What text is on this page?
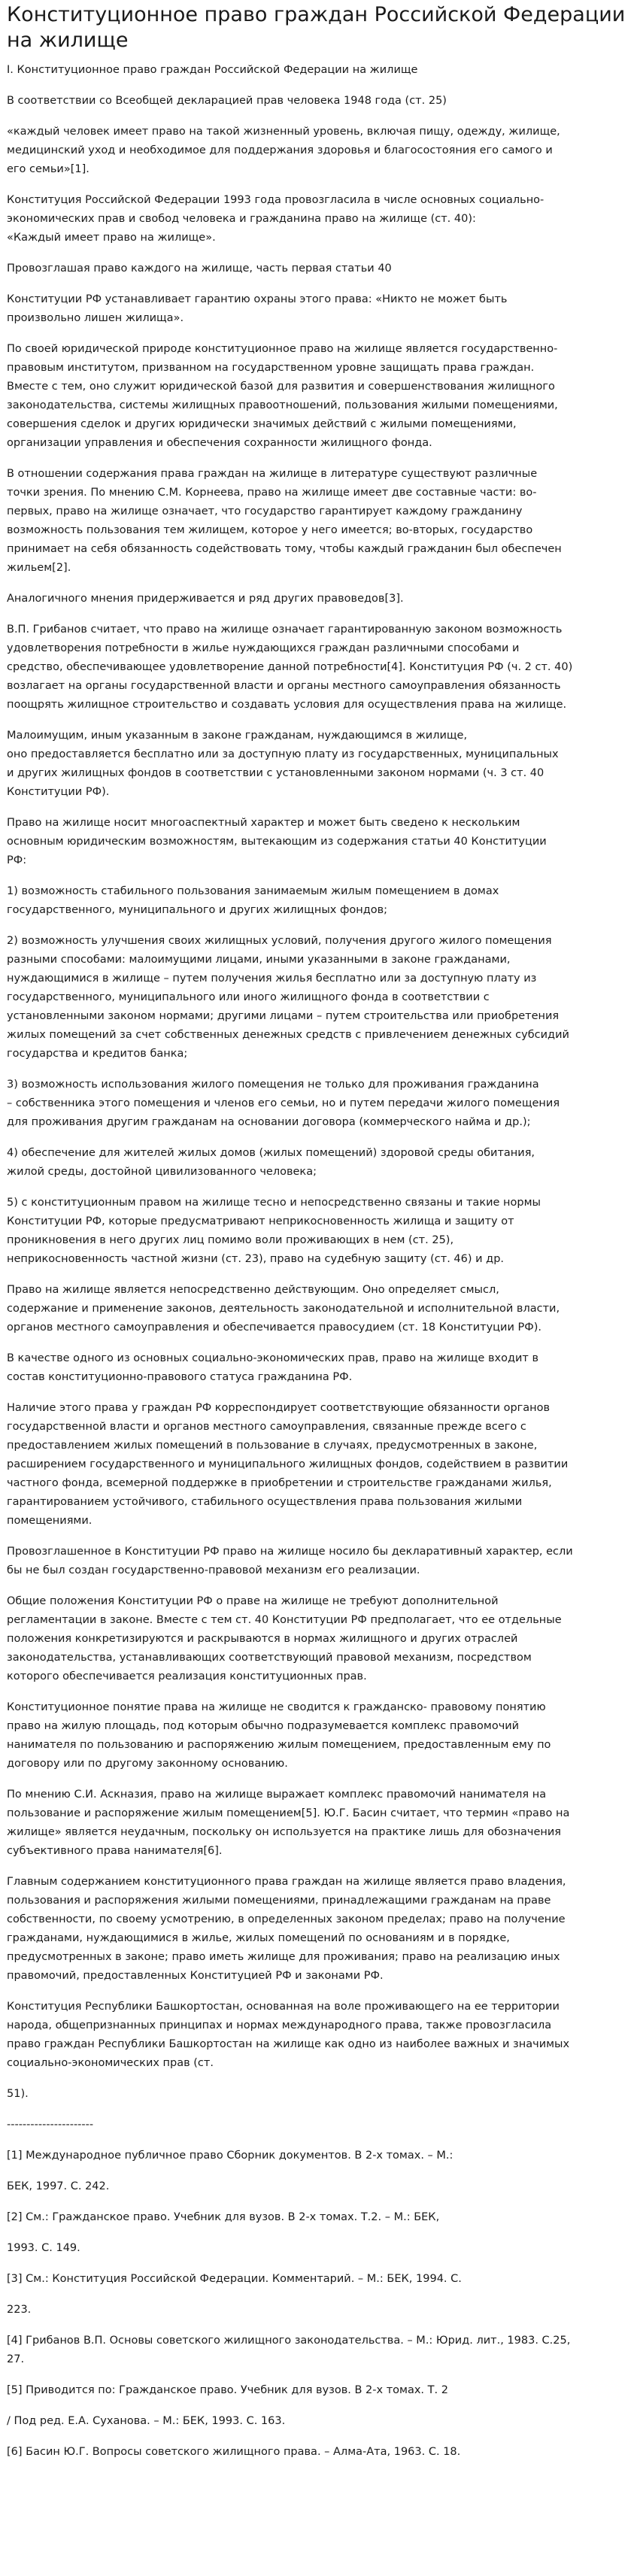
Конституционное право граждан Российской Федерации на жилище

I. Конституционное право граждан Российской Федерации на жилище

В соответствии со Всеобщей декларацией прав человека 1948 года (ст. 25)

«каждый человек имеет право на такой жизненный уровень, включая пищу, одежду, жилище,
медицинский уход и необходимое для поддержания здоровья и благосостояния его самого и
его семьи»[1].

Конституция Российской Федерации 1993 года провозгласила в числе основных социально-
экономических прав и свобод человека и гражданина право на жилище (ст. 40):
«Каждый имеет право на жилище».

Провозглашая право каждого на жилище, часть первая статьи 40

Конституции РФ устанавливает гарантию охраны этого права: «Никто не может быть
произвольно лишен жилища».

По своей юридической природе конституционное право на жилище является государственно-
правовым институтом, призванном на государственном уровне защищать права граждан.
Вместе с тем, оно служит юридической базой для развития и совершенствования жилищного
законодательства, системы жилищных правоотношений, пользования жилыми помещениями,
совершения сделок и других юридически значимых действий с жилыми помещениями,
организации управления и обеспечения сохранности жилищного фонда.

В отношении содержания права граждан на жилище в литературе существуют различные
точки зрения. По мнению С.М. Корнеева, право на жилище имеет две составные части: во-
первых, право на жилище означает, что государство гарантирует каждому гражданину
возможность пользования тем жилищем, которое у него имеется; во-вторых, государство
принимает на себя обязанность содействовать тому, чтобы каждый гражданин был обеспечен
жильем[2].

Аналогичного мнения придерживается и ряд других правоведов[3].

В.П. Грибанов считает, что право на жилище означает гарантированную законом возможность
удовлетворения потребности в жилье нуждающихся граждан различными способами и
средство, обеспечивающее удовлетворение данной потребности[4]. Конституция РФ (ч. 2 ст. 40)
возлагает на органы государственной власти и органы местного самоуправления обязанность
поощрять жилищное строительство и создавать условия для осуществления права на жилище.

Малоимущим, иным указанным в законе гражданам, нуждающимся в жилище,
оно предоставляется бесплатно или за доступную плату из государственных, муниципальных
и других жилищных фондов в соответствии с установленными законом нормами (ч. 3 ст. 40
Конституции РФ).

Право на жилище носит многоаспектный характер и может быть сведено к нескольким
основным юридическим возможностям, вытекающим из содержания статьи 40 Конституции
РФ:

1) возможность стабильного пользования занимаемым жилым помещением в домах
государственного, муниципального и других жилищных фондов;

2) возможность улучшения своих жилищных условий, получения другого жилого помещения
разными способами: малоимущими лицами, иными указанными в законе гражданами,
нуждающимися в жилище – путем получения жилья бесплатно или за доступную плату из
государственного, муниципального или иного жилищного фонда в соответствии с
установленными законом нормами; другими лицами – путем строительства или приобретения
жилых помещений за счет собственных денежных средств с привлечением денежных субсидий
государства и кредитов банка;

3) возможность использования жилого помещения не только для проживания гражданина
– собственника этого помещения и членов его семьи, но и путем передачи жилого помещения
для проживания другим гражданам на основании договора (коммерческого найма и др.);

4) обеспечение для жителей жилых домов (жилых помещений) здоровой среды обитания,
жилой среды, достойной цивилизованного человека;

5) с конституционным правом на жилище тесно и непосредственно связаны и такие нормы
Конституции РФ, которые предусматривают неприкосновенность жилища и защиту от
проникновения в него других лиц помимо воли проживающих в нем (ст. 25),
неприкосновенность частной жизни (ст. 23), право на судебную защиту (ст. 46) и др.

Право на жилище является непосредственно действующим. Оно определяет смысл,
содержание и применение законов, деятельность законодательной и исполнительной власти,
органов местного самоуправления и обеспечивается правосудием (ст. 18 Конституции РФ).

В качестве одного из основных социально-экономических прав, право на жилище входит в
состав конституционно-правового статуса гражданина РФ.

Наличие этого права у граждан РФ корреспондирует соответствующие обязанности органов
государственной власти и органов местного самоуправления, связанные прежде всего с
предоставлением жилых помещений в пользование в случаях, предусмотренных в законе,
расширением государственного и муниципального жилищных фондов, содействием в развитии
частного фонда, всемерной поддержке в приобретении и строительстве гражданами жилья,
гарантированием устойчивого, стабильного осуществления права пользования жилыми
помещениями.

Провозглашенное в Конституции РФ право на жилище носило бы декларативный характер, если
бы не был создан государственно-правовой механизм его реализации.

Общие положения Конституции РФ о праве на жилище не требуют дополнительной
регламентации в законе. Вместе с тем ст. 40 Конституции РФ предполагает, что ее отдельные
положения конкретизируются и раскрываются в нормах жилищного и других отраслей
законодательства, устанавливающих соответствующий правовой механизм, посредством
которого обеспечивается реализация конституционных прав.

Конституционное понятие права на жилище не сводится к гражданско- правовому понятию
право на жилую площадь, под которым обычно подразумевается комплекс правомочий
нанимателя по пользованию и распоряжению жилым помещением, предоставленным ему по
договору или по другому законному основанию.

По мнению С.И. Аскназия, право на жилище выражает комплекс правомочий нанимателя на
пользование и распоряжение жилым помещением[5]. Ю.Г. Басин считает, что термин «право на
жилище» является неудачным, поскольку он используется на практике лишь для обозначения
субъективного права нанимателя[6].

Главным содержанием конституционного права граждан на жилище является право владения,
пользования и распоряжения жилыми помещениями, принадлежащими гражданам на праве
собственности, по своему усмотрению, в определенных законом пределах; право на получение
гражданами, нуждающимися в жилье, жилых помещений по основаниям и в порядке,
предусмотренных в законе; право иметь жилище для проживания; право на реализацию иных
правомочий, предоставленных Конституцией РФ и законами РФ.

Конституция Республики Башкортостан, основанная на воле проживающего на ее территории
народа, общепризнанных принципах и нормах международного права, также провозгласила
право граждан Республики Башкортостан на жилище как одно из наиболее важных и значимых
социально-экономических прав (ст.

51).

----------------------

[1] Международное публичное право Сборник документов. В 2-х томах. – М.:

БЕК, 1997. С. 242.

[2] См.: Гражданское право. Учебник для вузов. В 2-х томах. Т.2. – М.: БЕК,

1993. С. 149.

[3] См.: Конституция Российской Федерации. Комментарий. – М.: БЕК, 1994. С.

223.

[4] Грибанов В.П. Основы советского жилищного законодательства. – М.: Юрид. лит., 1983. С.25,
27.

[5] Приводится по: Гражданское право. Учебник для вузов. В 2-х томах. Т. 2

/ Под ред. Е.А. Суханова. – М.: БЕК, 1993. С. 163.

[6] Басин Ю.Г. Вопросы советского жилищного права. – Алма-Ата, 1963. С. 18.
